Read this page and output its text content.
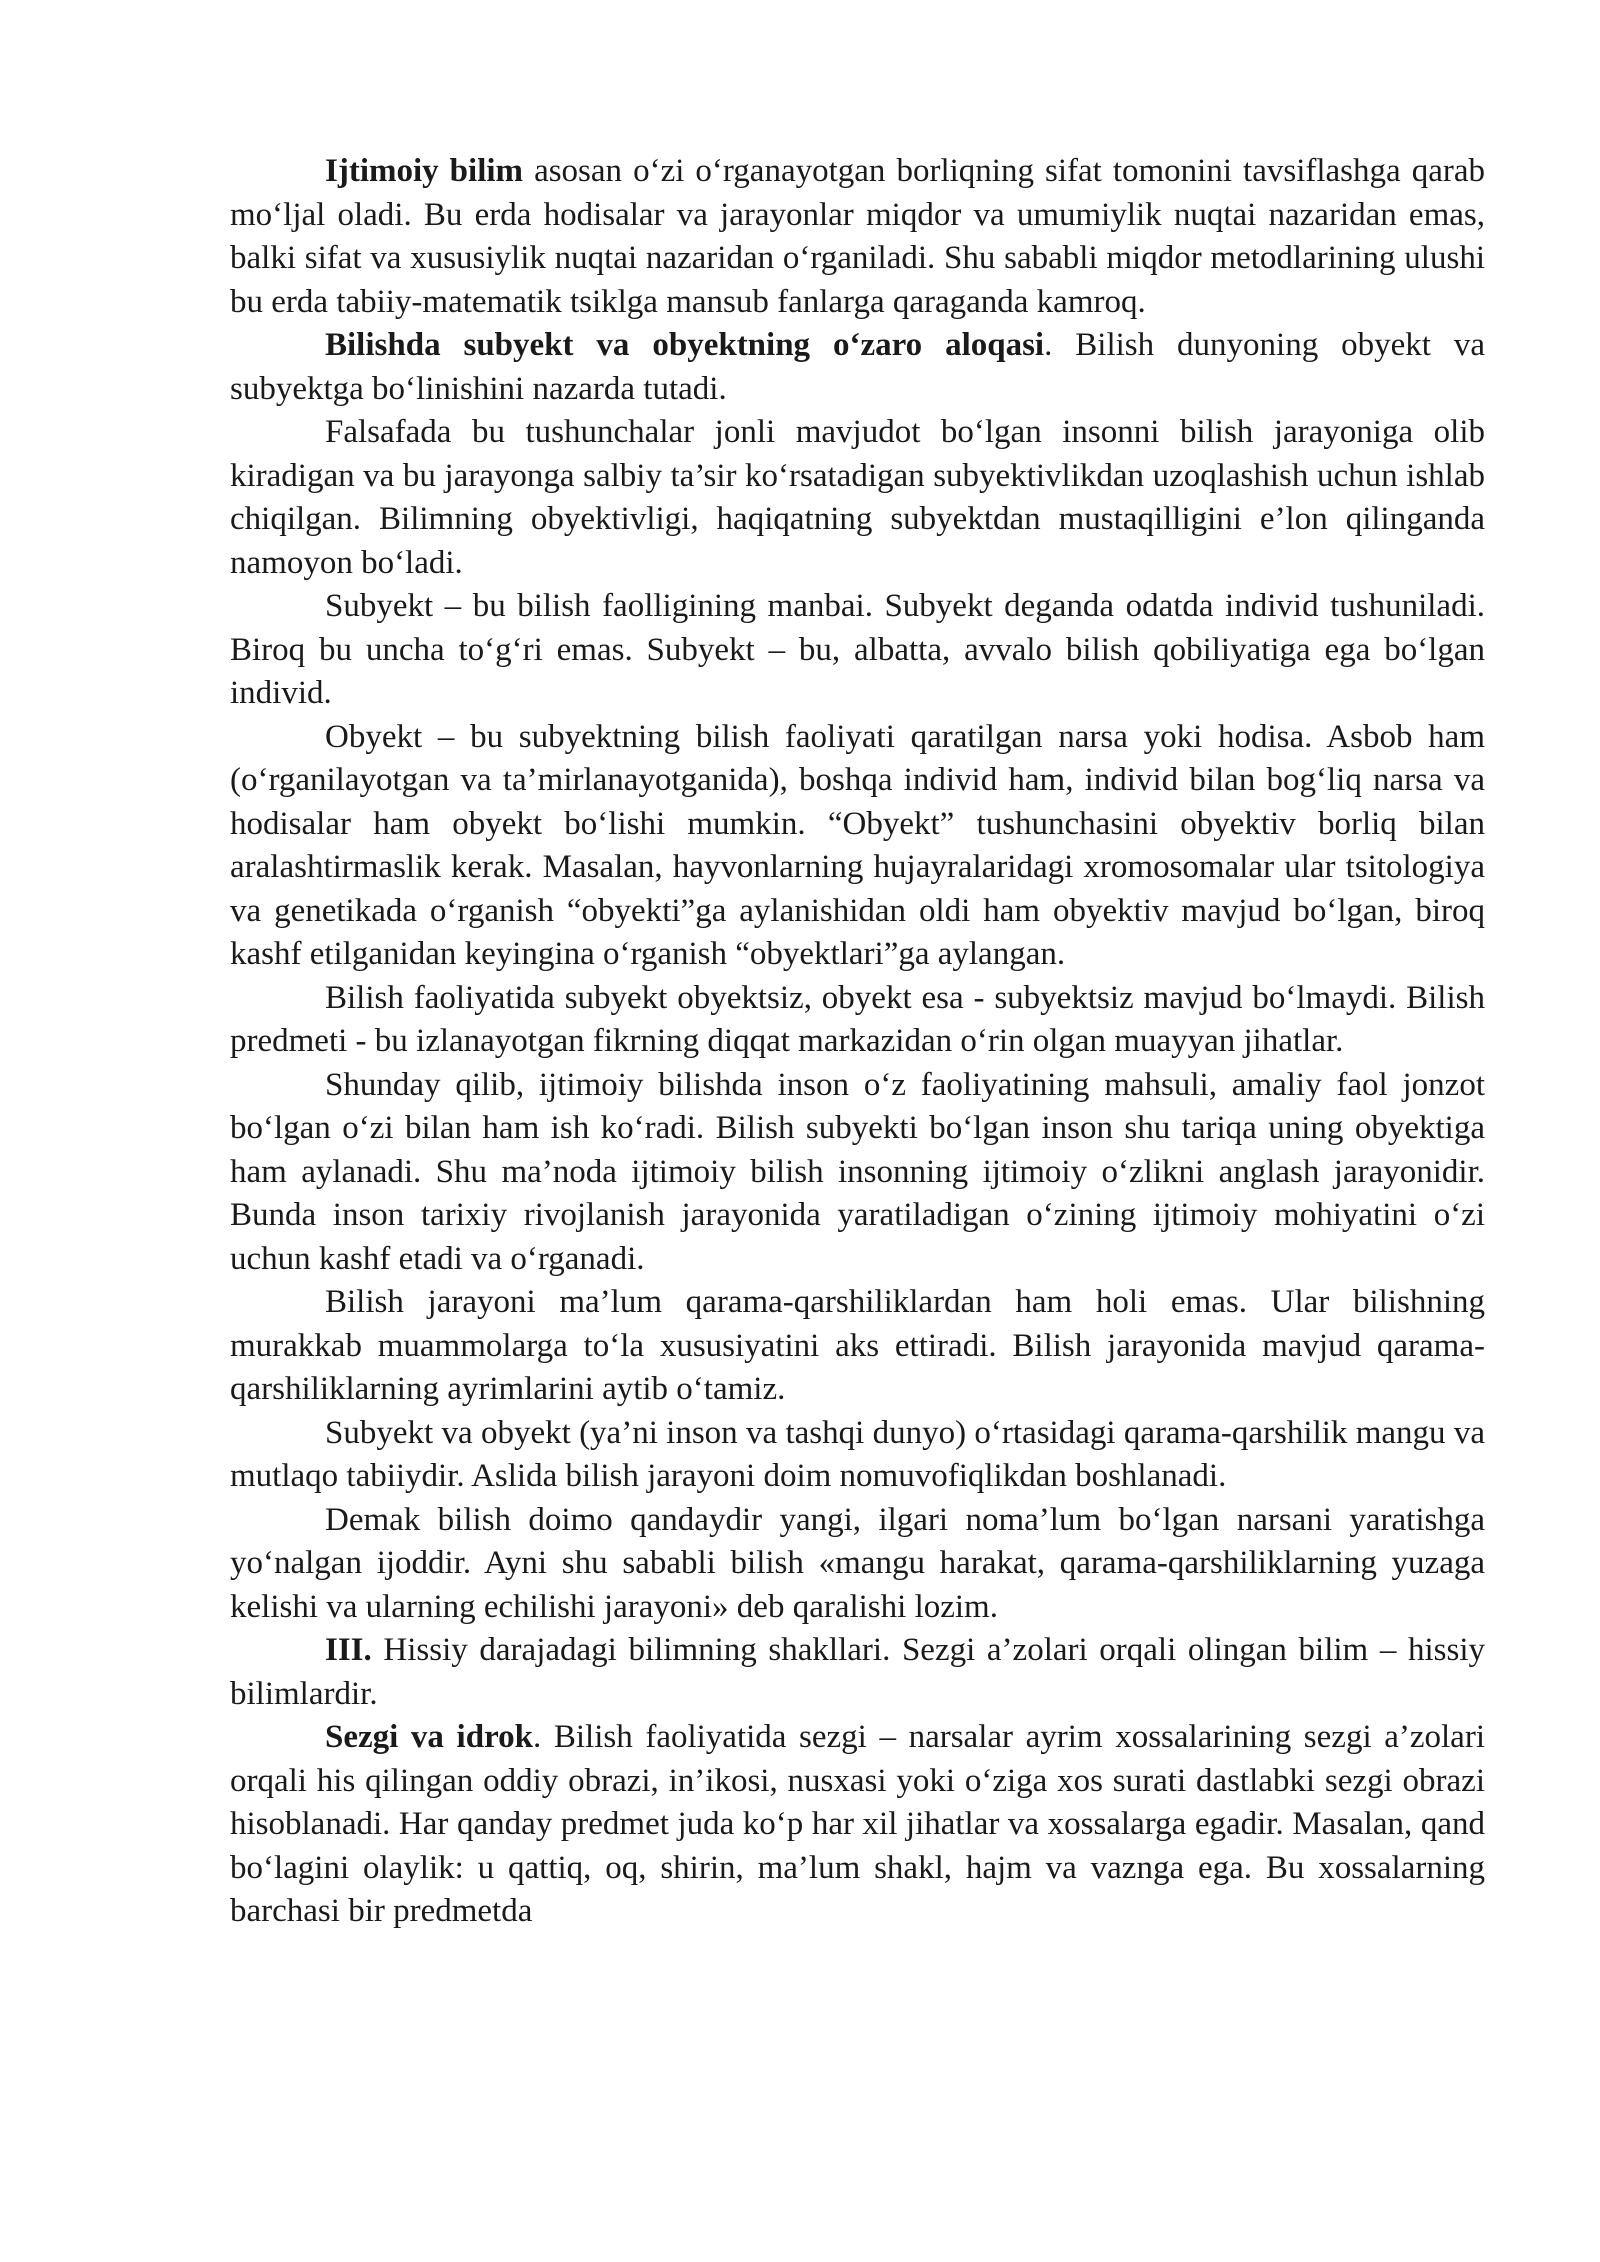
Ijtimoiy bilim asosan o‘zi o‘rganayotgan borliqning sifat tomonini tavsiflashga qarab mo‘ljal oladi. Bu erda hodisalar va jarayonlar miqdor va umumiylik nuqtai nazaridan emas, balki sifat va xususiylik nuqtai nazaridan o‘rganiladi. Shu sababli miqdor metodlarining ulushi bu erda tabiiy-matematik tsiklga mansub fanlarga qaraganda kamroq.

Bilishda subyekt va obyektning o‘zaro aloqasi. Bilish dunyoning obyekt va subyektga bo‘linishini nazarda tutadi.

Falsafada bu tushunchalar jonli mavjudot bo‘lgan insonni bilish jarayoniga olib kiradigan va bu jarayonga salbiy ta’sir ko‘rsatadigan subyektivlikdan uzoqlashish uchun ishlab chiqilgan. Bilimning obyektivligi, haqiqatning subyektdan mustaqilligini e’lon qilinganda namoyon bo‘ladi.

Subyekt – bu bilish faolligining manbai. Subyekt deganda odatda individ tushuniladi. Biroq bu uncha to‘g‘ri emas. Subyekt – bu, albatta, avvalo bilish qobiliyatiga ega bo‘lgan individ.

Obyekt – bu subyektning bilish faoliyati qaratilgan narsa yoki hodisa. Asbob ham (o‘rganilayotgan va ta’mirlanayotganida), boshqa individ ham, individ bilan bog‘liq narsa va hodisalar ham obyekt bo‘lishi mumkin. “Obyekt” tushunchasini obyektiv borliq bilan aralashtirmaslik kerak. Masalan, hayvonlarning hujayralaridagi xromosomalar ular tsitologiya va genetikada o‘rganish “obyekti”ga aylanishidan oldi ham obyektiv mavjud bo‘lgan, biroq kashf etilganidan keyingina o‘rganish “obyektlari”ga aylangan.

Bilish faoliyatida subyekt obyektsiz, obyekt esa - subyektsiz mavjud bo‘lmaydi. Bilish predmeti - bu izlanayotgan fikrning diqqat markazidan o‘rin olgan muayyan jihatlar.

Shunday qilib, ijtimoiy bilishda inson o‘z faoliyatining mahsuli, amaliy faol jonzot bo‘lgan o‘zi bilan ham ish ko‘radi. Bilish subyekti bo‘lgan inson shu tariqa uning obyektiga ham aylanadi. Shu ma’noda ijtimoiy bilish insonning ijtimoiy o‘zlikni anglash jarayonidir. Bunda inson tarixiy rivojlanish jarayonida yaratiladigan o‘zining ijtimoiy mohiyatini o‘zi uchun kashf etadi va o‘rganadi.

Bilish jarayoni ma’lum qarama-qarshiliklardan ham holi emas. Ular bilishning murakkab muammolarga to‘la xususiyatini aks ettiradi. Bilish jarayonida mavjud qarama-qarshiliklarning ayrimlarini aytib o‘tamiz.

Subyekt va obyekt (ya’ni inson va tashqi dunyo) o‘rtasidagi qarama-qarshilik mangu va mutlaqo tabiiydir. Aslida bilish jarayoni doim nomuvofiqlikdan boshlanadi.

Demak bilish doimo qandaydir yangi, ilgari noma’lum bo‘lgan narsani yaratishga yo‘nalgan ijoddir. Ayni shu sababli bilish «mangu harakat, qarama-qarshiliklarning yuzaga kelishi va ularning echilishi jarayoni» deb qaralishi lozim.

III. Hissiy darajadagi bilimning shakllari. Sezgi a’zolari orqali olingan bilim – hissiy bilimlardir.

Sezgi va idrok. Bilish faoliyatida sezgi – narsalar ayrim xossalarining sezgi a’zolari orqali his qilingan oddiy obrazi, in’ikosi, nusxasi yoki o‘ziga xos surati dastlabki sezgi obrazi hisoblanadi. Har qanday predmet juda ko‘p har xil jihatlar va xossalarga egadir. Masalan, qand bo‘lagini olaylik: u qattiq, oq, shirin, ma’lum shakl, hajm va vaznga ega. Bu xossalarning barchasi bir predmetda
